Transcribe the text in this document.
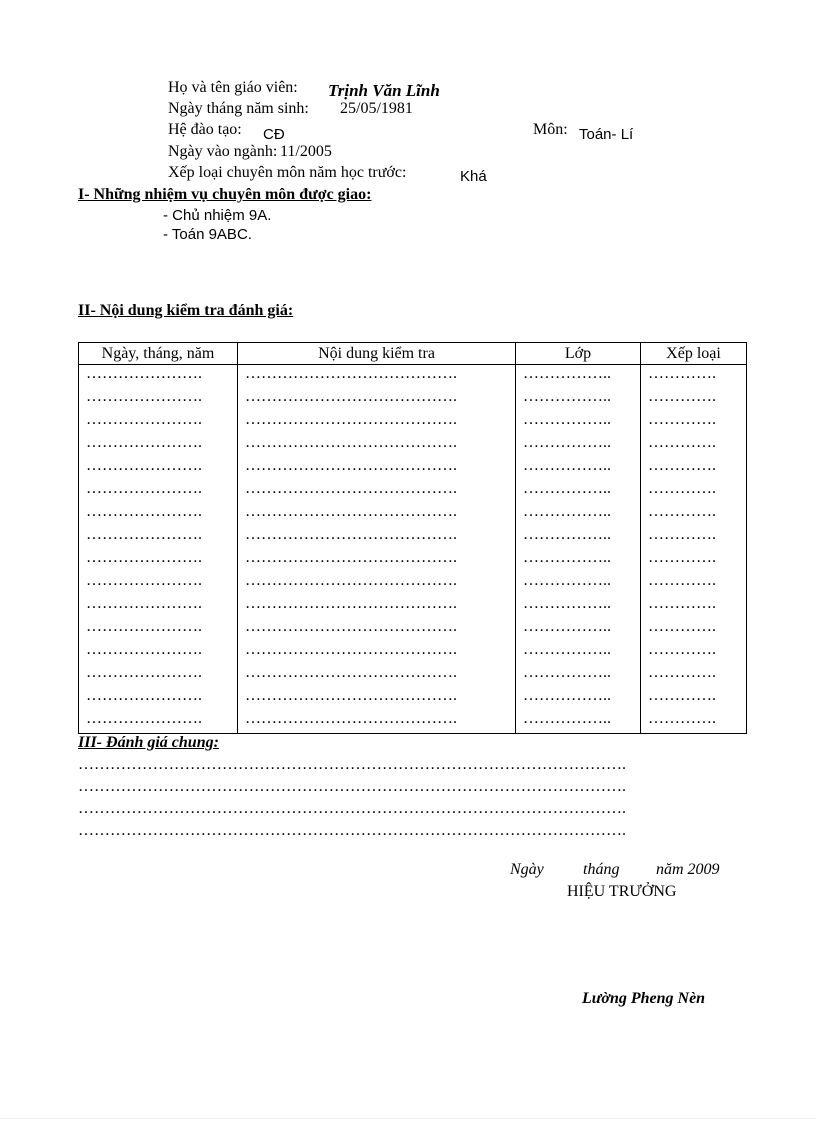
Họ và tên giáo viên: Trịnh Văn Lĩnh
Ngày tháng năm sinh: 25/05/1981
Hệ đào tạo: CĐ	Môn: Toán- Lí
Ngày vào ngành: 11/2005
Xếp loại chuyên môn năm học trước:	Khá
I- Những nhiệm vụ chuyên môn được giao:
- Chủ nhiệm 9A.
- Toán 9ABC.
II- Nội dung kiểm tra đánh giá:
Ngày, tháng, năm	Nội dung kiểm tra	Lớp	Xếp loại
………………….	………………………………….	……………..	………….
………………….	………………………………….	……………..	………….
………………….	………………………………….	……………..	………….
………………….	………………………………….	……………..	………….
………………….	………………………………….	……………..	………….
………………….	………………………………….	……………..	………….
………………….	………………………………….	……………..	………….
………………….	………………………………….	……………..	………….
………………….	………………………………….	……………..	………….
………………….	………………………………….	……………..	………….
………………….	………………………………….	……………..	………….
………………….	………………………………….	……………..	………….
………………….	………………………………….	……………..	………….
………………….	………………………………….	……………..	………….
………………….	………………………………….	……………..	………….
………………….	………………………………….	……………..	………….
III- Đánh giá chung:
………………………………………………………………………………………….
………………………………………………………………………………………….
………………………………………………………………………………………….
………………………………………………………………………………………….
Ngày tháng năm 2009
HIỆU TRƯỞNG
Lường Pheng Nèn
